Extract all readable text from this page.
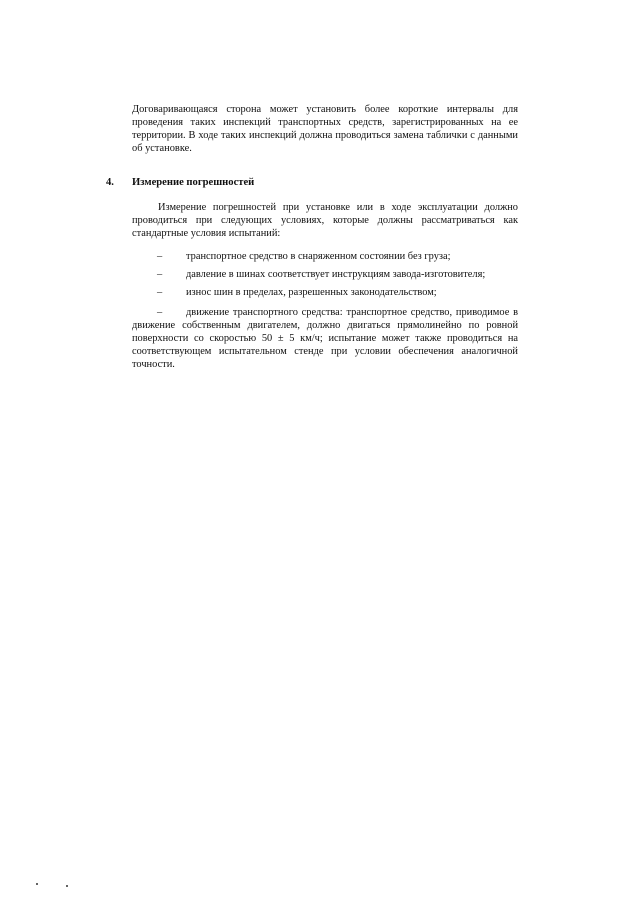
Договаривающаяся сторона может установить более короткие интервалы для проведения таких инспекций транспортных средств, зарегистрированных на ее территории. В ходе таких инспекций должна проводиться замена таблички с данными об установке.

4. Измерение погрешностей

Измерение погрешностей при установке или в ходе эксплуатации должно проводиться при следующих условиях, которые должны рассматриваться как стандартные условия испытаний:

– транспортное средство в снаряженном состоянии без груза;
– давление в шинах соответствует инструкциям завода-изготовителя;
– износ шин в пределах, разрешенных законодательством;

– движение транспортного средства: транспортное средство, приводимое в движение собственным двигателем, должно двигаться прямолинейно по ровной поверхности со скоростью 50 ± 5 км/ч; испытание может также проводиться на соответствующем испытательном стенде при условии обеспечения аналогичной точности.
